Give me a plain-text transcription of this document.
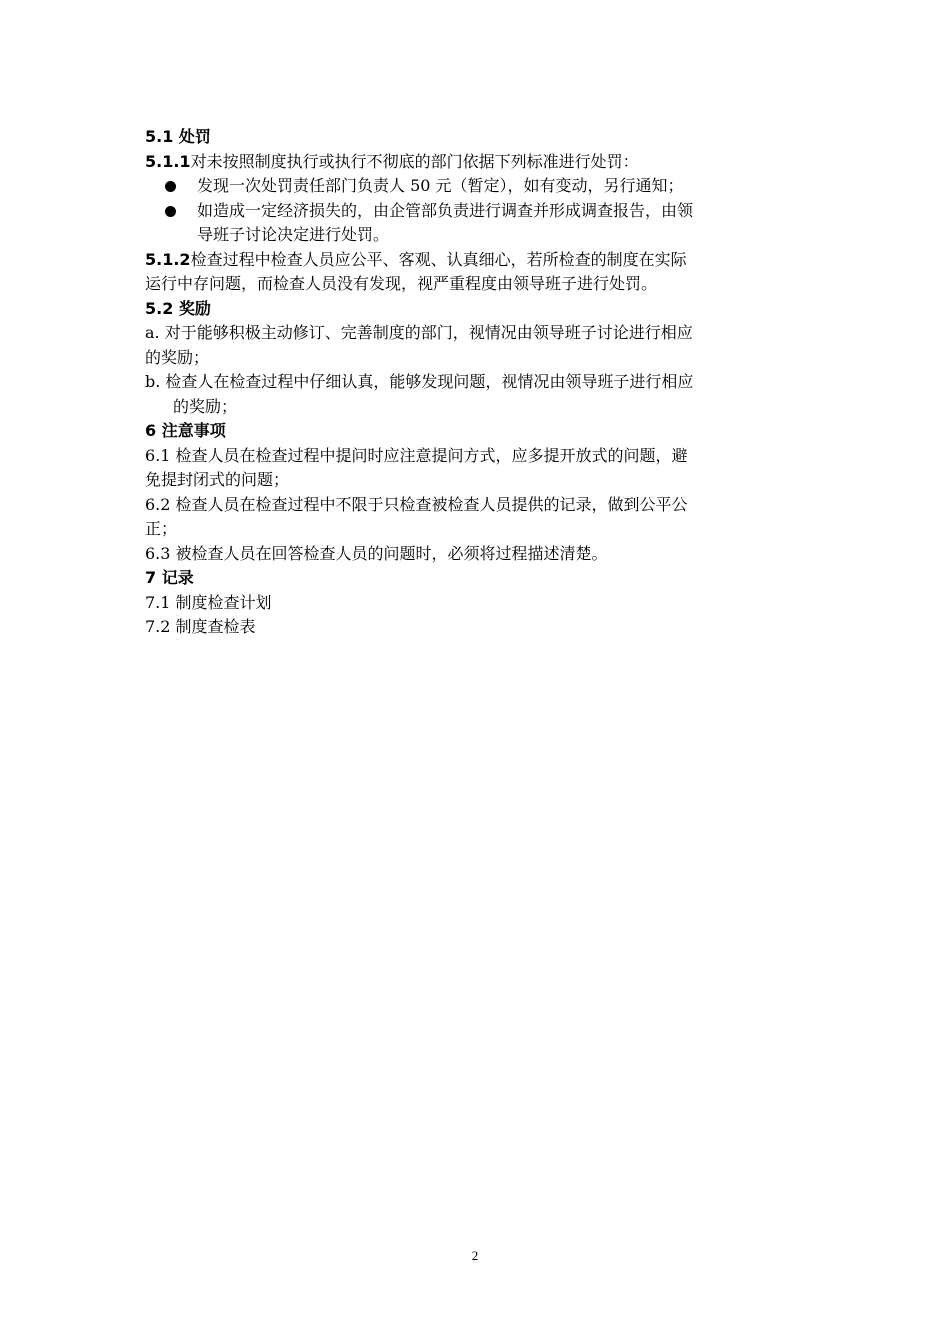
5.1 处罚

5.1.1对未按照制度执行或执行不彻底的部门依据下列标准进行处罚：

发现一次处罚责任部门负责人 50 元（暂定），如有变动，另行通知；

如造成一定经济损失的，由企管部负责进行调查并形成调查报告，由领

导班子讨论决定进行处罚。

5.1.2检查过程中检查人员应公平、客观、认真细心，若所检查的制度在实际

运行中存问题，而检查人员没有发现，视严重程度由领导班子进行处罚。

5.2 奖励

a. 对于能够积极主动修订、完善制度的部门，视情况由领导班子讨论进行相应

的奖励；

b. 检查人在检查过程中仔细认真，能够发现问题，视情况由领导班子进行相应

的奖励；

6 注意事项

6.1 检查人员在检查过程中提问时应注意提问方式，应多提开放式的问题，避

免提封闭式的问题；

6.2 检查人员在检查过程中不限于只检查被检查人员提供的记录，做到公平公

正；

6.3 被检查人员在回答检查人员的问题时，必须将过程描述清楚。

7 记录

7.1 制度检查计划

7.2 制度查检表

2
